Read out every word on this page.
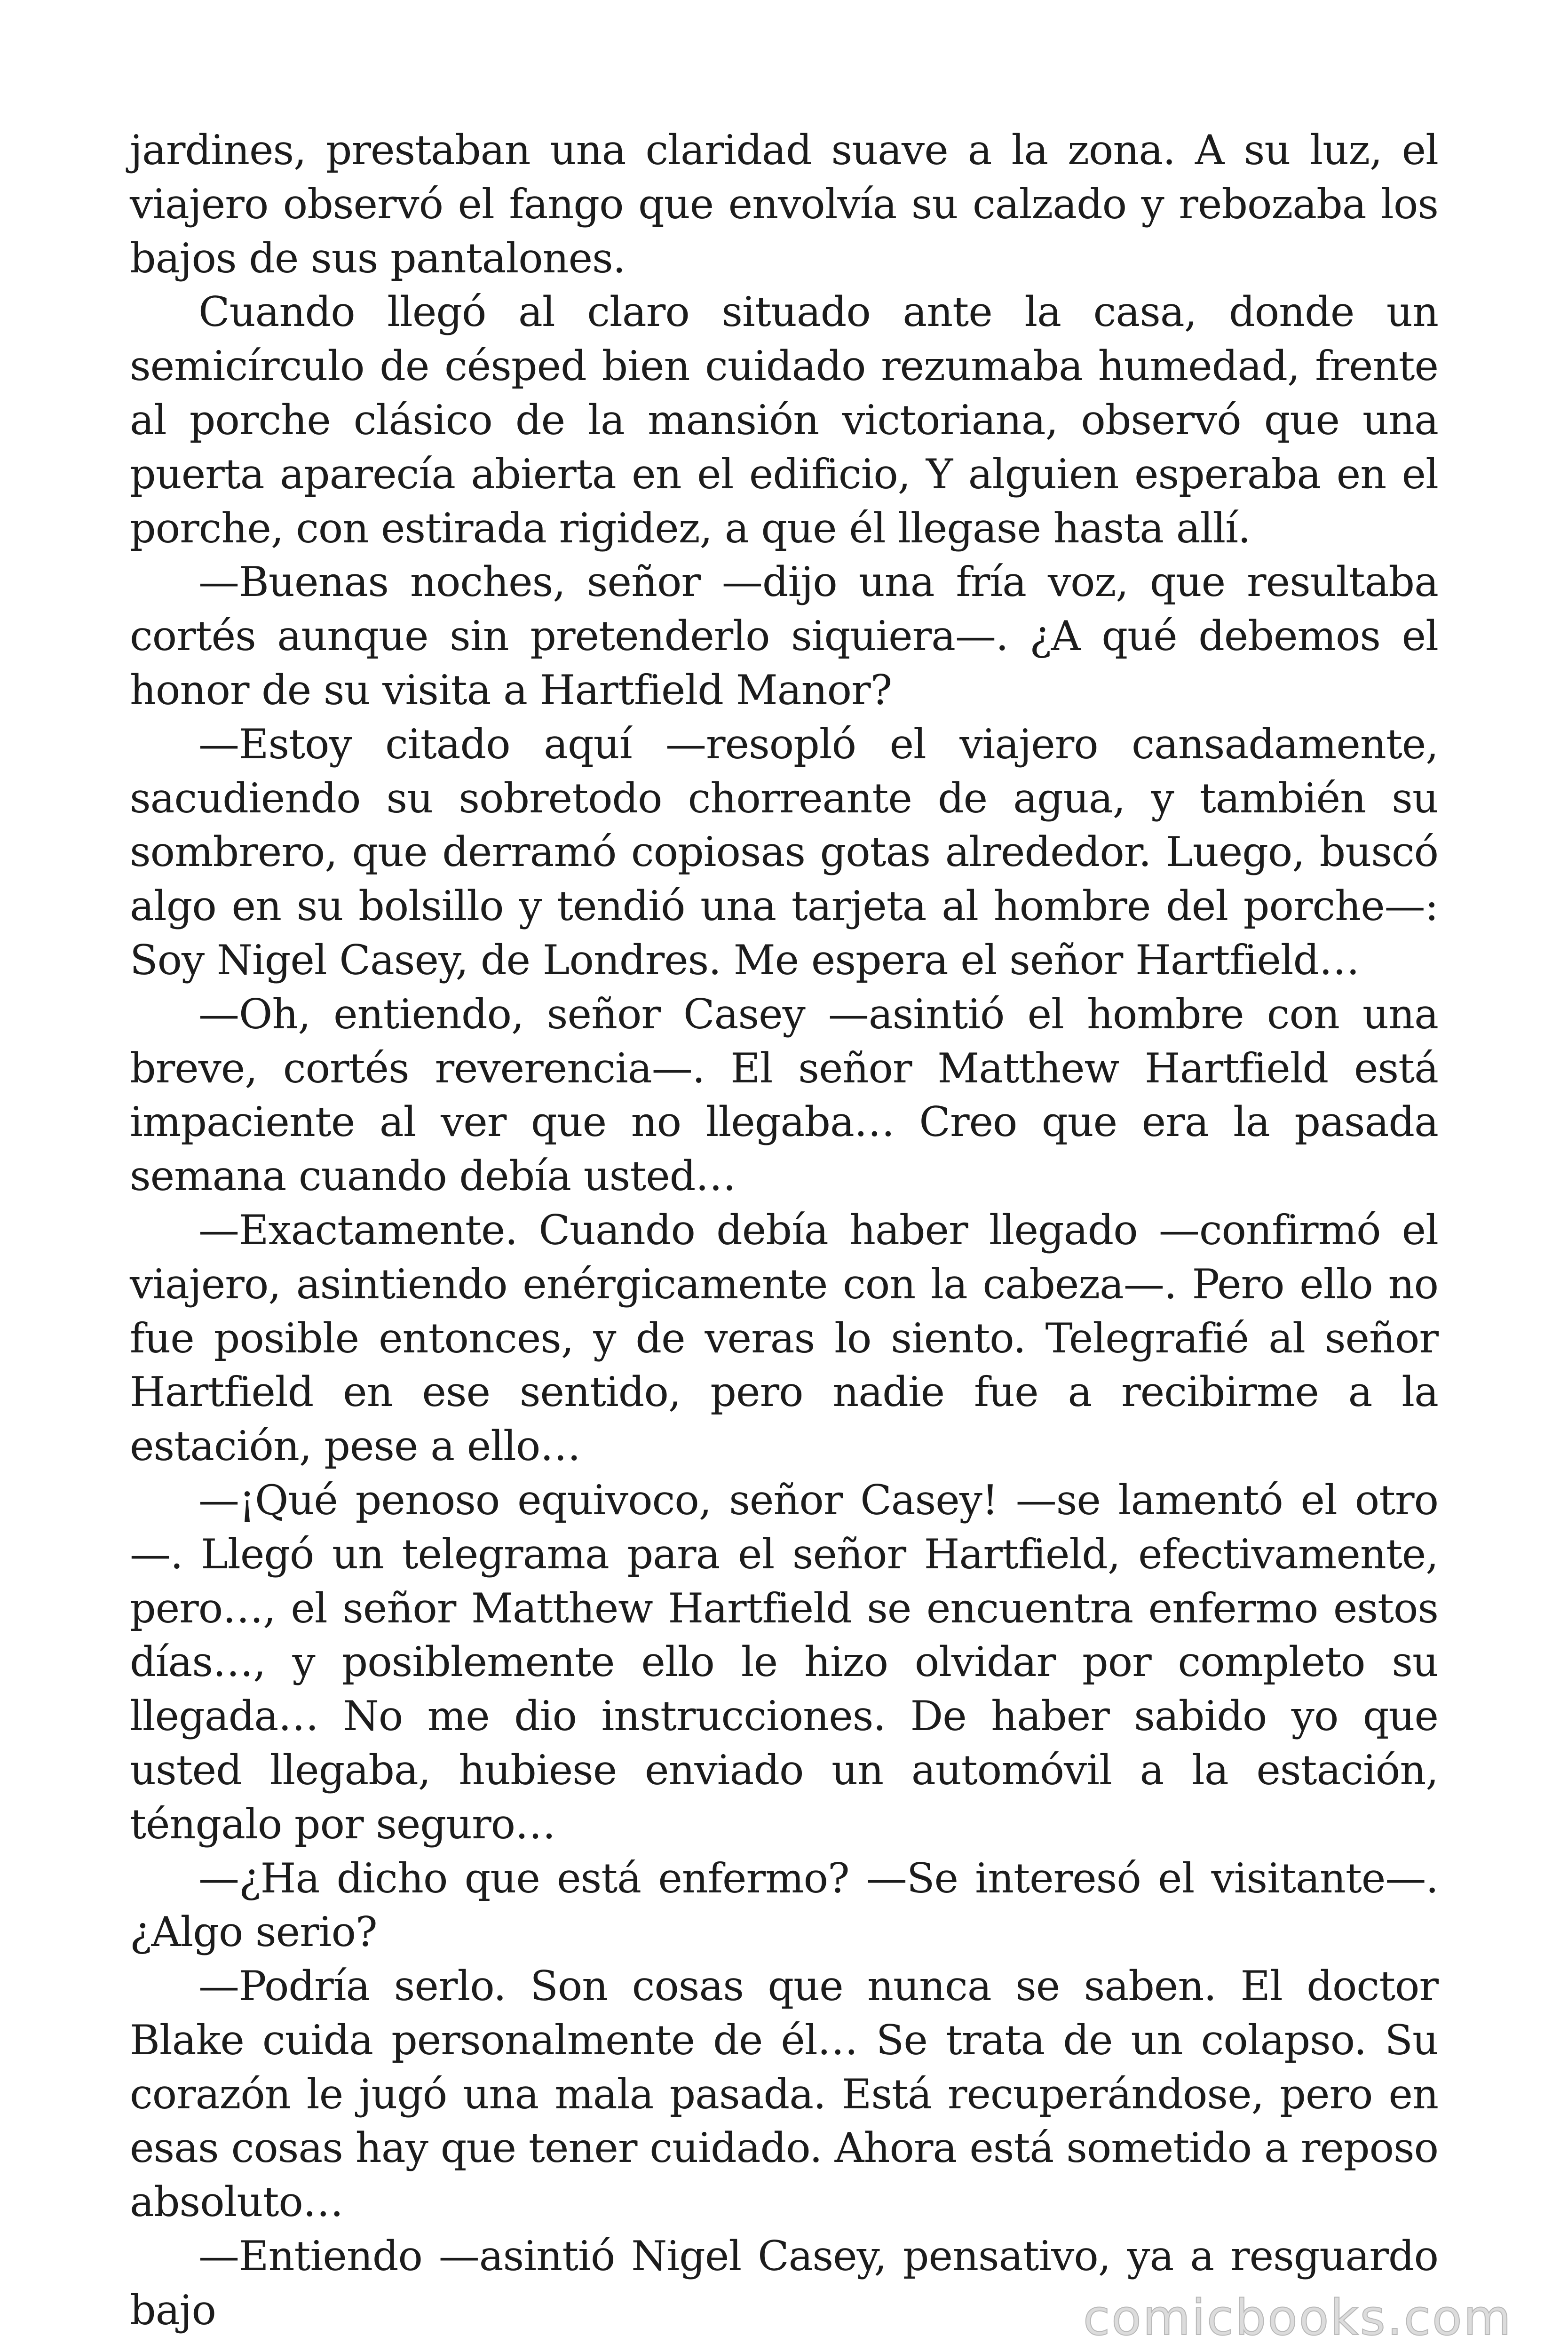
jardines, prestaban una claridad suave a la zona. A su luz, el viajero observó el fango que envolvía su calzado y rebozaba los bajos de sus pantalones.

Cuando llegó al claro situado ante la casa, donde un semicírculo de césped bien cuidado rezumaba humedad, frente al porche clásico de la mansión victoriana, observó que una puerta aparecía abierta en el edificio, Y alguien esperaba en el porche, con estirada rigidez, a que él llegase hasta allí.

—Buenas noches, señor —dijo una fría voz, que resultaba cortés aunque sin pretenderlo siquiera—. ¿A qué debemos el honor de su visita a Hartfield Manor?

—Estoy citado aquí —resopló el viajero cansadamente, sacudiendo su sobretodo chorreante de agua, y también su sombrero, que derramó copiosas gotas alrededor. Luego, buscó algo en su bolsillo y tendió una tarjeta al hombre del porche—: Soy Nigel Casey, de Londres. Me espera el señor Hartfield…

—Oh, entiendo, señor Casey —asintió el hombre con una breve, cortés reverencia—. El señor Matthew Hartfield está impaciente al ver que no llegaba… Creo que era la pasada semana cuando debía usted…

—Exactamente. Cuando debía haber llegado —confirmó el viajero, asintiendo enérgicamente con la cabeza—. Pero ello no fue posible entonces, y de veras lo siento. Telegrafié al señor Hartfield en ese sentido, pero nadie fue a recibirme a la estación, pese a ello…

—¡Qué penoso equivoco, señor Casey! —se lamentó el otro—. Llegó un telegrama para el señor Hartfield, efectivamente, pero…, el señor Matthew Hartfield se encuentra enfermo estos días…, y posiblemente ello le hizo olvidar por completo su llegada… No me dio instrucciones. De haber sabido yo que usted llegaba, hubiese enviado un automóvil a la estación, téngalo por seguro…

—¿Ha dicho que está enfermo? —Se interesó el visitante—. ¿Algo serio?

—Podría serlo. Son cosas que nunca se saben. El doctor Blake cuida personalmente de él… Se trata de un colapso. Su corazón le jugó una mala pasada. Está recuperándose, pero en esas cosas hay que tener cuidado. Ahora está sometido a reposo absoluto…

—Entiendo —asintió Nigel Casey, pensativo, ya a resguardo bajo	comicbooks.com
